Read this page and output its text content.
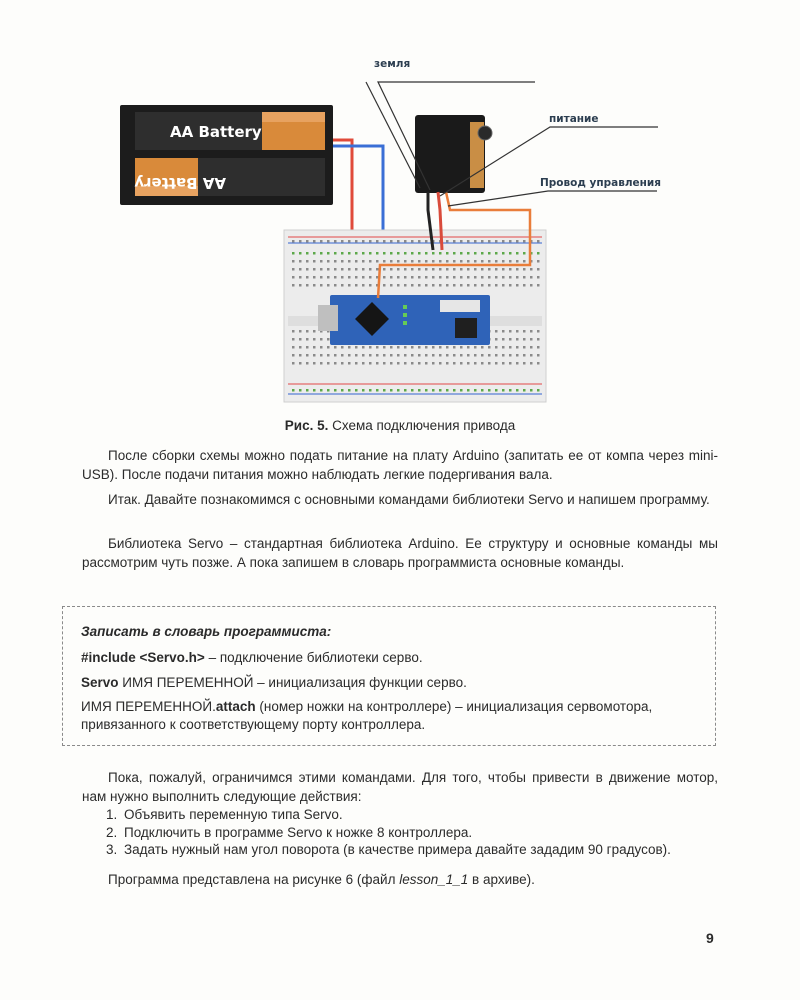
AA Battery
AA Battery
земля
питание
Провод управления
Рис. 5. Схема подключения привода

После сборки схемы можно подать питание на плату Arduino (запитать ее от компа через mini-USB). После подачи питания можно наблюдать легкие подергивания вала.

Итак. Давайте познакомимся с основными командами библиотеки Servo и напишем программу.

Библиотека Servo – стандартная библиотека Arduino. Ее структуру и основные команды мы рассмотрим чуть позже. А пока запишем в словарь программиста основные команды.

Записать в словарь программиста:

#include <Servo.h> – подключение библиотеки серво.

Servo ИМЯ ПЕРЕМЕННОЙ – инициализация функции серво.

ИМЯ ПЕРЕМЕННОЙ.attach (номер ножки на контроллере) – инициализация сервомотора, привязанного к соответствующему порту контроллера.

Пока, пожалуй, ограничимся этими командами. Для того, чтобы привести в движение мотор, нам нужно выполнить следующие действия:

1. Объявить переменную типа Servo.
2. Подключить в программе Servo к ножке 8 контроллера.
3. Задать нужный нам угол поворота (в качестве примера давайте зададим 90 градусов).

Программа представлена на рисунке 6 (файл lesson_1_1 в архиве).

9
